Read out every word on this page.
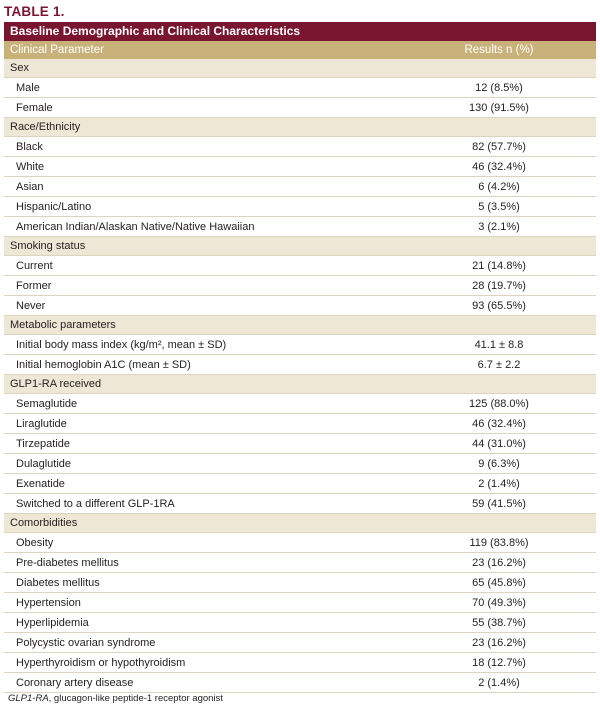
TABLE 1.
Baseline Demographic and Clinical Characteristics
Clinical Parameter	Results n (%)
Sex
Male	12 (8.5%)
Female	130 (91.5%)
Race/Ethnicity
Black	82 (57.7%)
White	46 (32.4%)
Asian	6 (4.2%)
Hispanic/Latino	5 (3.5%)
American Indian/Alaskan Native/Native Hawaiian	3 (2.1%)
Smoking status
Current	21 (14.8%)
Former	28 (19.7%)
Never	93 (65.5%)
Metabolic parameters
Initial body mass index (kg/m², mean ± SD)	41.1 ± 8.8
Initial hemoglobin A1C (mean ± SD)	6.7 ± 2.2
GLP1-RA received
Semaglutide	125 (88.0%)
Liraglutide	46 (32.4%)
Tirzepatide	44 (31.0%)
Dulaglutide	9 (6.3%)
Exenatide	2 (1.4%)
Switched to a different GLP-1RA	59 (41.5%)
Comorbidities
Obesity	119 (83.8%)
Pre-diabetes mellitus	23 (16.2%)
Diabetes mellitus	65 (45.8%)
Hypertension	70 (49.3%)
Hyperlipidemia	55 (38.7%)
Polycystic ovarian syndrome	23 (16.2%)
Hyperthyroidism or hypothyroidism	18 (12.7%)
Coronary artery disease	2 (1.4%)
GLP1-RA, glucagon-like peptide-1 receptor agonist
